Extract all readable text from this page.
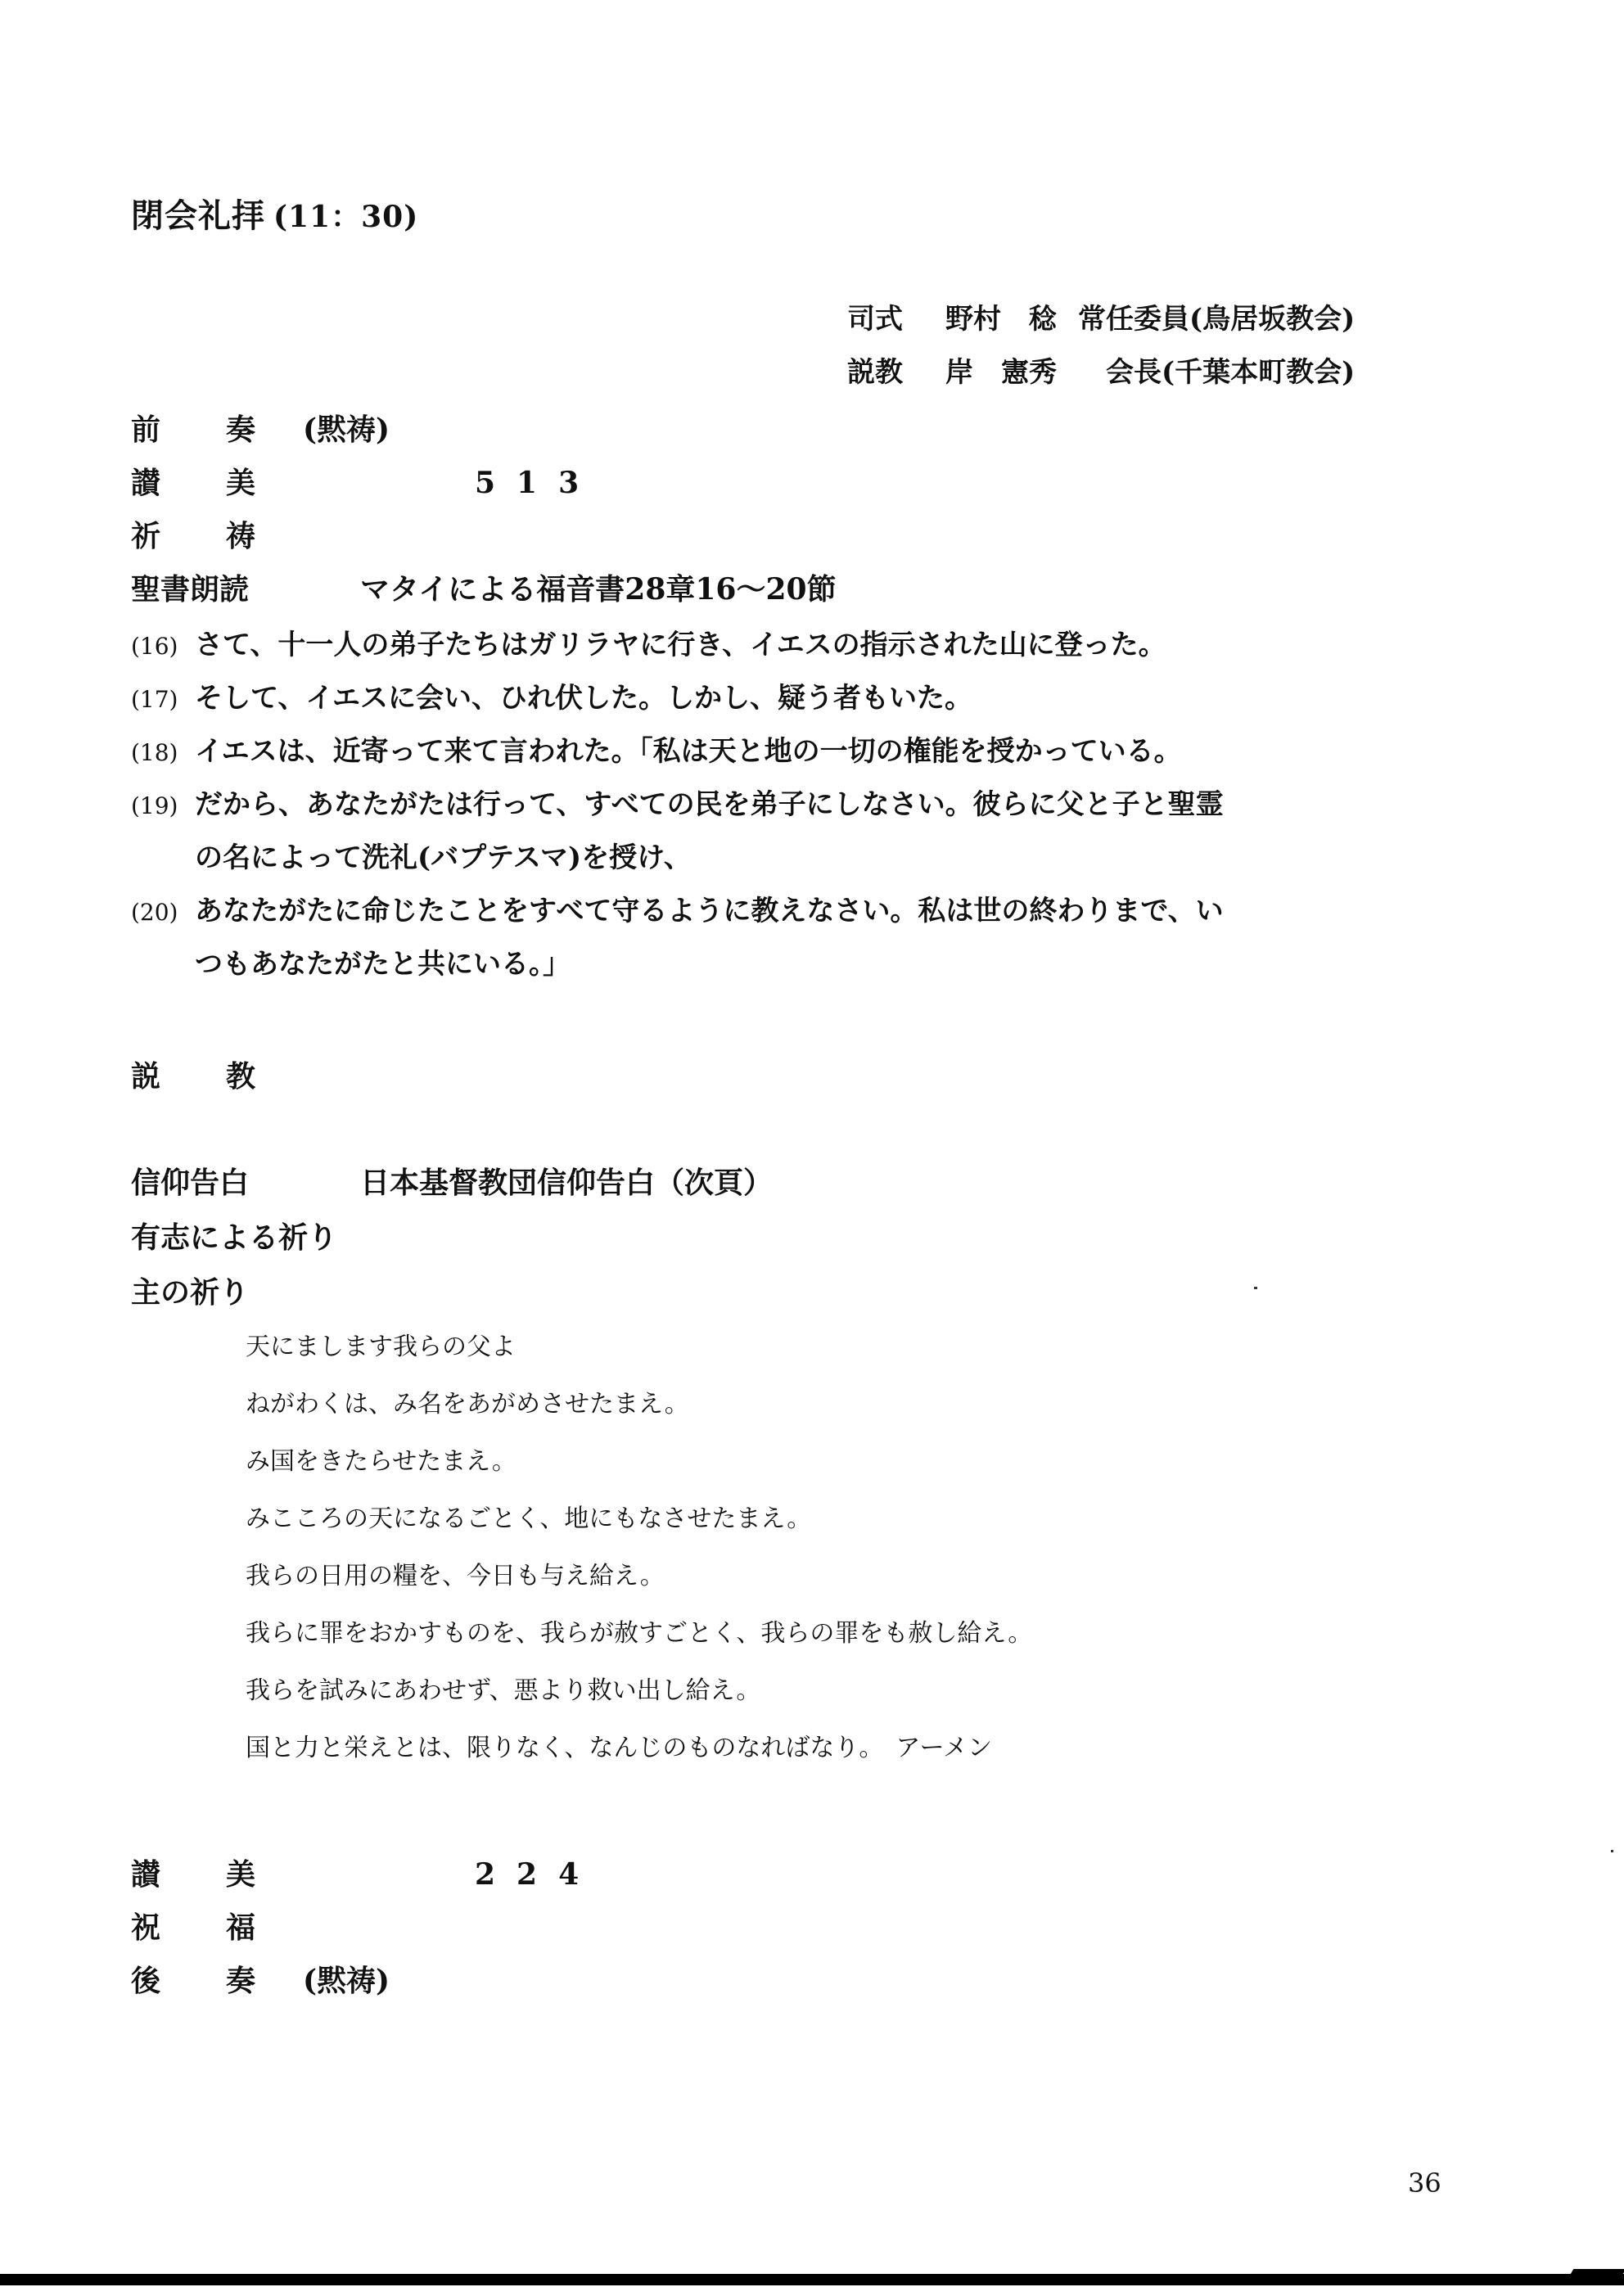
閉会礼拝 (11：30)
司式 野村　稔 常任委員(鳥居坂教会)
説教 岸　憲秀 会長(千葉本町教会)
前奏(黙祷)
讃美	513
祈祷
聖書朗読	マタイによる福音書28章16～20節
(16) さて、十一人の弟子たちはガリラヤに行き、イエスの指示された山に登った。
(17) そして、イエスに会い、ひれ伏した。しかし、疑う者もいた。
(18) イエスは、近寄って来て言われた。「私は天と地の一切の権能を授かっている。
(19) だから、あなたがたは行って、すべての民を弟子にしなさい。彼らに父と子と聖霊
の名によって洗礼(バプテスマ)を授け、
(20) あなたがたに命じたことをすべて守るように教えなさい。私は世の終わりまで、い
つもあなたがたと共にいる。」
説教
信仰告白	日本基督教団信仰告白（次頁）
有志による祈り
主の祈り
天にまします我らの父よ
ねがわくは、み名をあがめさせたまえ。
み国をきたらせたまえ。
みこころの天になるごとく、地にもなさせたまえ。
我らの日用の糧を、今日も与え給え。
我らに罪をおかすものを、我らが赦すごとく、我らの罪をも赦し給え。
我らを試みにあわせず、悪より救い出し給え。
国と力と栄えとは、限りなく、なんじのものなればなり。　アーメン
讃美	224
祝福
後奏(黙祷)
36
